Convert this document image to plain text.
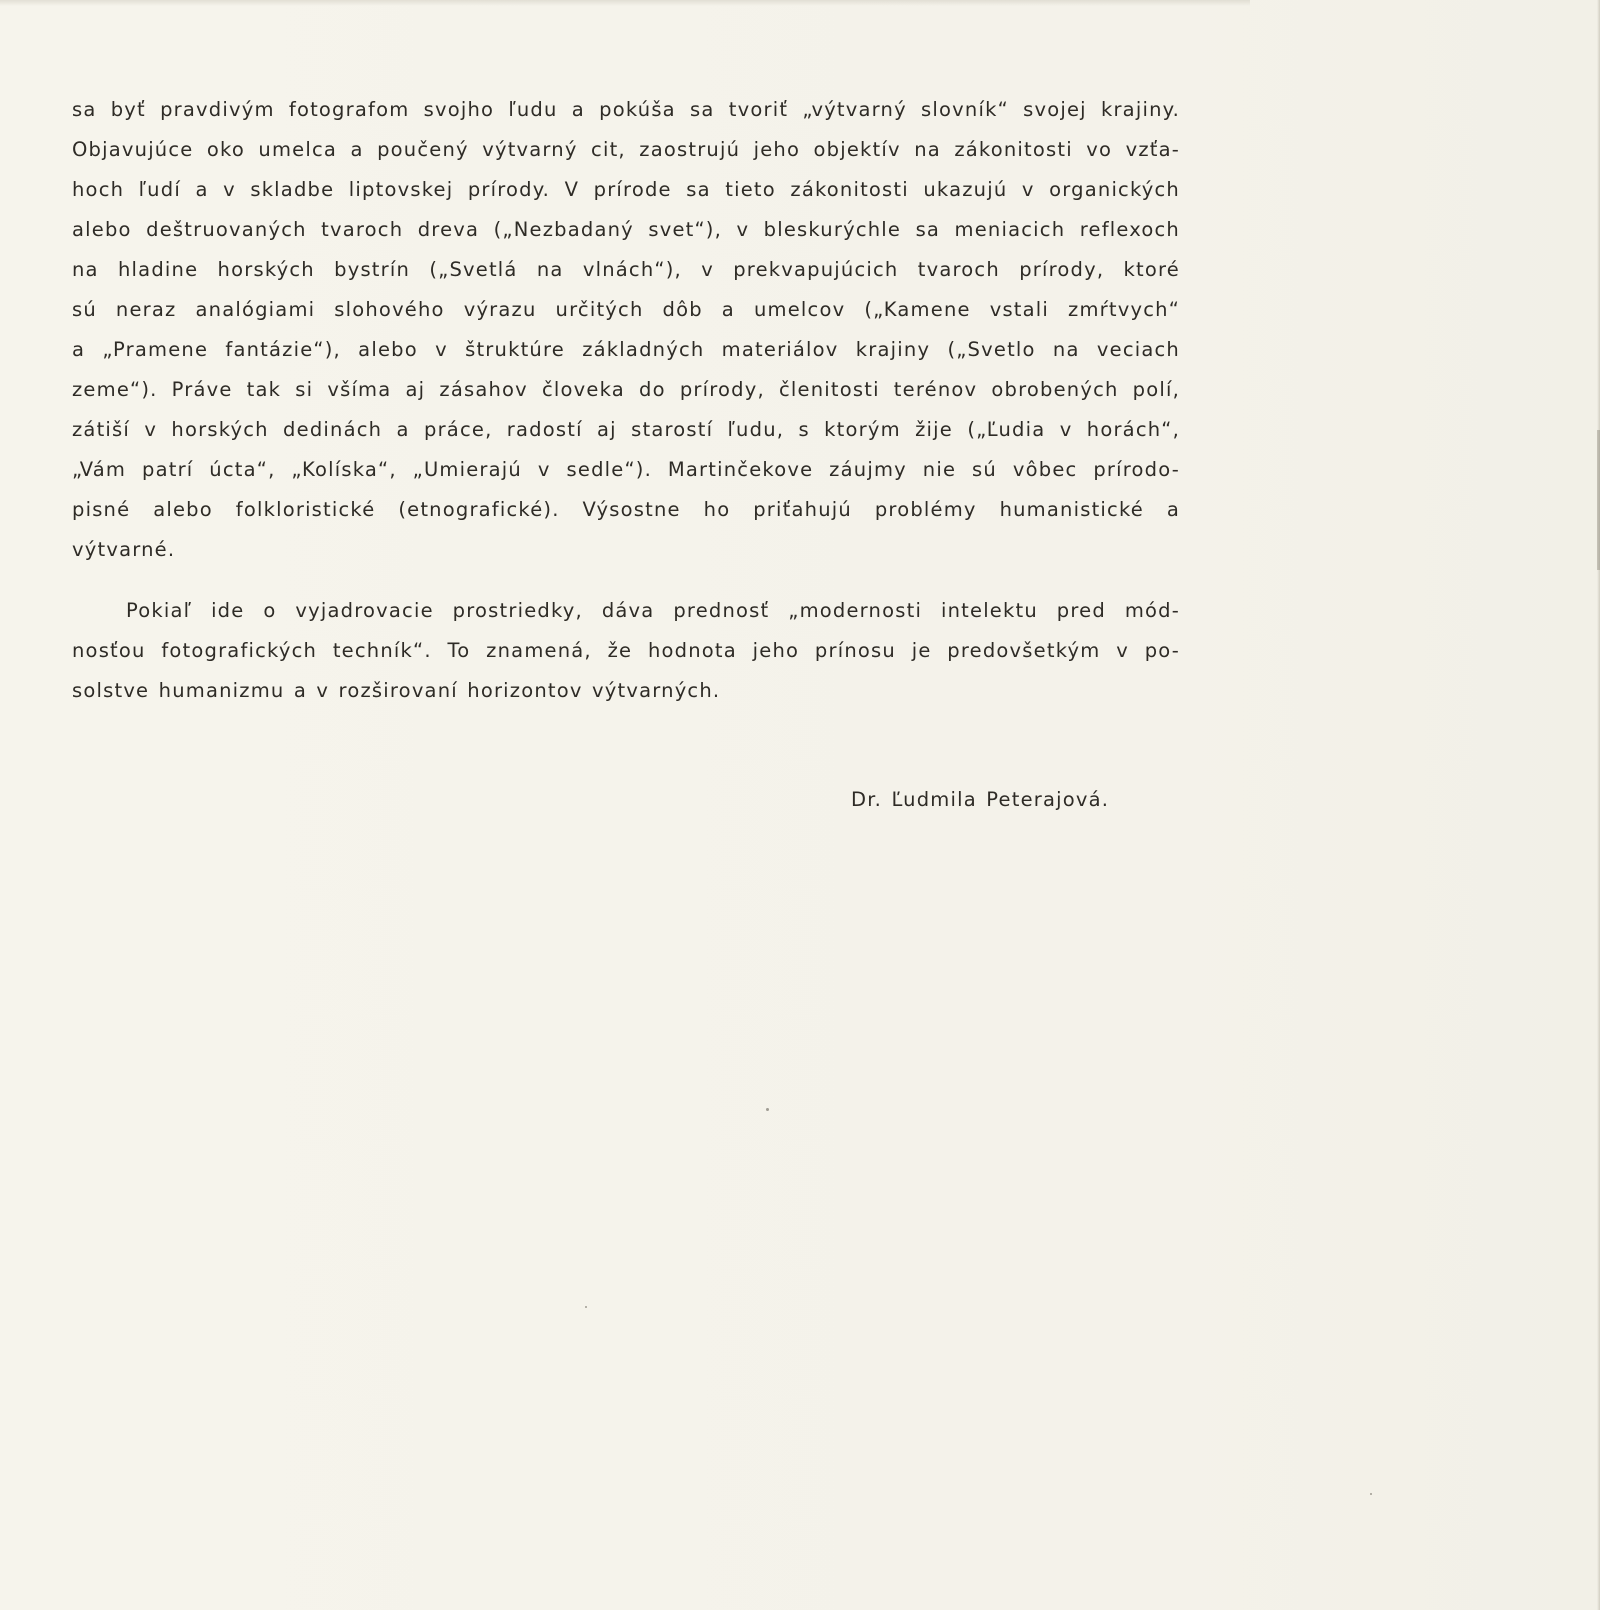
sa byť pravdivým fotografom svojho ľudu a pokúša sa tvoriť „výtvarný slovník“ svojej krajiny.
Objavujúce oko umelca a poučený výtvarný cit, zaostrujú jeho objektív na zákonitosti vo vzťa-
hoch ľudí a v skladbe liptovskej prírody. V prírode sa tieto zákonitosti ukazujú v organických
alebo deštruovaných tvaroch dreva („Nezbadaný svet“), v bleskurýchle sa meniacich reflexoch
na hladine horských bystrín („Svetlá na vlnách“), v prekvapujúcich tvaroch prírody, ktoré
sú neraz analógiami slohového výrazu určitých dôb a umelcov („Kamene vstali zmŕtvych“
a „Pramene fantázie“), alebo v štruktúre základných materiálov krajiny („Svetlo na veciach
zeme“). Práve tak si všíma aj zásahov človeka do prírody, členitosti terénov obrobených polí,
zátiší v horských dedinách a práce, radostí aj starostí ľudu, s ktorým žije („Ľudia v horách“,
„Vám patrí úcta“, „Kolíska“, „Umierajú v sedle“). Martinčekove záujmy nie sú vôbec prírodo-
pisné alebo folkloristické (etnografické). Výsostne ho priťahujú problémy humanistické a
výtvarné.
Pokiaľ ide o vyjadrovacie prostriedky, dáva prednosť „modernosti intelektu pred mód-
nosťou fotografických techník“. To znamená, že hodnota jeho prínosu je predovšetkým v po-
solstve humanizmu a v rozširovaní horizontov výtvarných.
Dr. Ľudmila Peterajová.
